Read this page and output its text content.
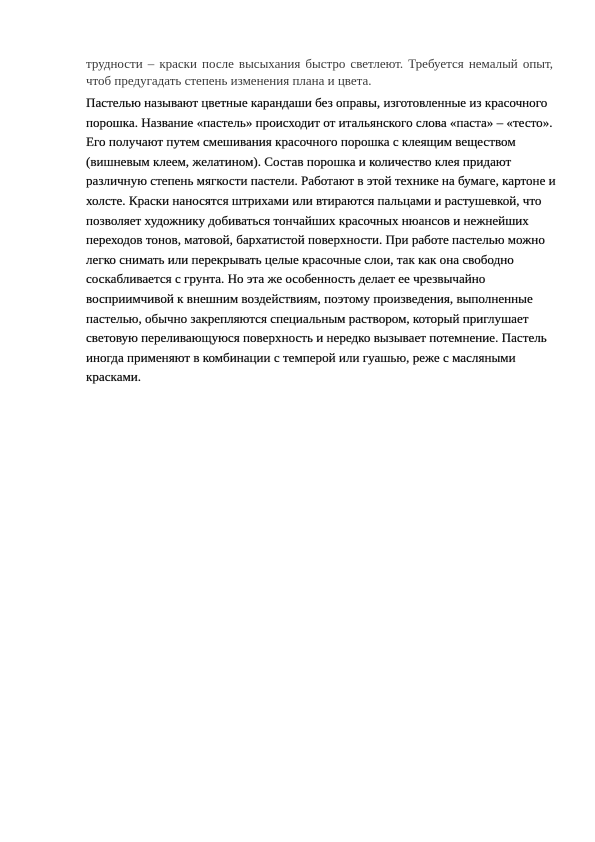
трудности – краски после высыхания быстро светлеют. Требуется немалый опыт, чтоб предугадать степень изменения плана и цвета.

Пастелью называют цветные карандаши без оправы, изготовленные из красочного порошка. Название «пастель» происходит от итальянского слова «паста» – «тесто». Его получают путем смешивания красочного порошка с клеящим веществом (вишневым клеем, желатином). Состав порошка и количество клея придают различную степень мягкости пастели. Работают в этой технике на бумаге, картоне и холсте. Краски наносятся штрихами или втираются пальцами и растушевкой, что позволяет художнику добиваться тончайших красочных нюансов и нежнейших переходов тонов, матовой, бархатистой поверхности. При работе пастелью можно легко снимать или перекрывать целые красочные слои, так как она свободно соскабливается с грунта. Но эта же особенность делает ее чрезвычайно восприимчивой к внешним воздействиям, поэтому произведения, выполненные пастелью, обычно закрепляются специальным раствором, который приглушает световую переливающуюся поверхность и нередко вызывает потемнение. Пастель иногда применяют в комбинации с темперой или гуашью, реже с масляными красками.
